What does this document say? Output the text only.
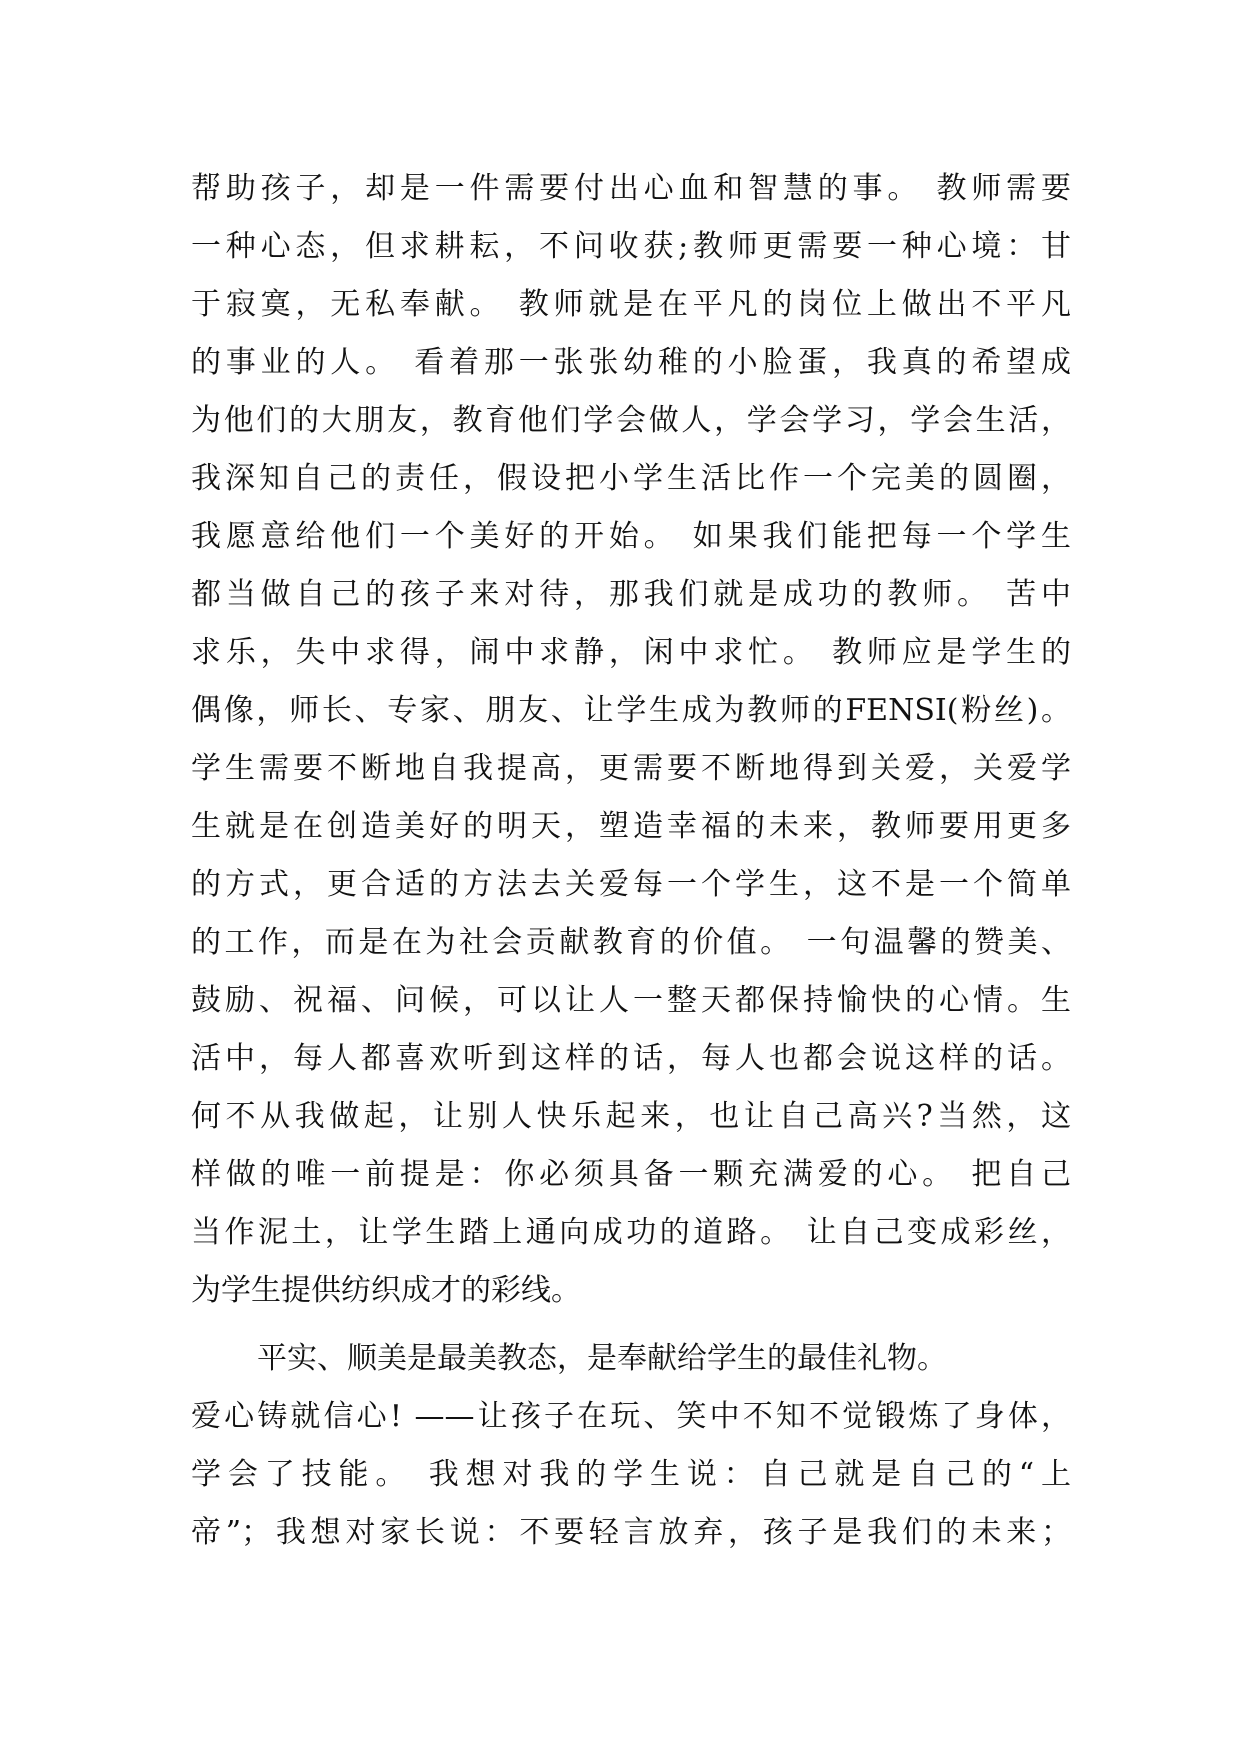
帮助孩子，却是一件需要付出心血和智慧的事。 教师需要
一种心态，但求耕耘，不问收获;教师更需要一种心境：甘
于寂寞，无私奉献。 教师就是在平凡的岗位上做出不平凡
的事业的人。 看着那一张张幼稚的小脸蛋，我真的希望成
为他们的大朋友，教育他们学会做人，学会学习，学会生活，
我深知自己的责任，假设把小学生活比作一个完美的圆圈，
我愿意给他们一个美好的开始。 如果我们能把每一个学生
都当做自己的孩子来对待，那我们就是成功的教师。 苦中
求乐，失中求得，闹中求静，闲中求忙。 教师应是学生的
偶像，师长、专家、朋友、让学生成为教师的FENSI(粉丝)。
学生需要不断地自我提高，更需要不断地得到关爱，关爱学
生就是在创造美好的明天，塑造幸福的未来，教师要用更多
的方式，更合适的方法去关爱每一个学生，这不是一个简单
的工作，而是在为社会贡献教育的价值。 一句温馨的赞美、
鼓励、祝福、问候，可以让人一整天都保持愉快的心情。生
活中，每人都喜欢听到这样的话，每人也都会说这样的话。
何不从我做起，让别人快乐起来，也让自己高兴?当然，这
样做的唯一前提是：你必须具备一颗充满爱的心。 把自己
当作泥土，让学生踏上通向成功的道路。 让自己变成彩丝，
为学生提供纺织成才的彩线。
平实、顺美是最美教态，是奉献给学生的最佳礼物。
爱心铸就信心! ——让孩子在玩、笑中不知不觉锻炼了身体，
学会了技能。 我想对我的学生说：自己就是自己的“上
帝”；我想对家长说：不要轻言放弃，孩子是我们的未来；
